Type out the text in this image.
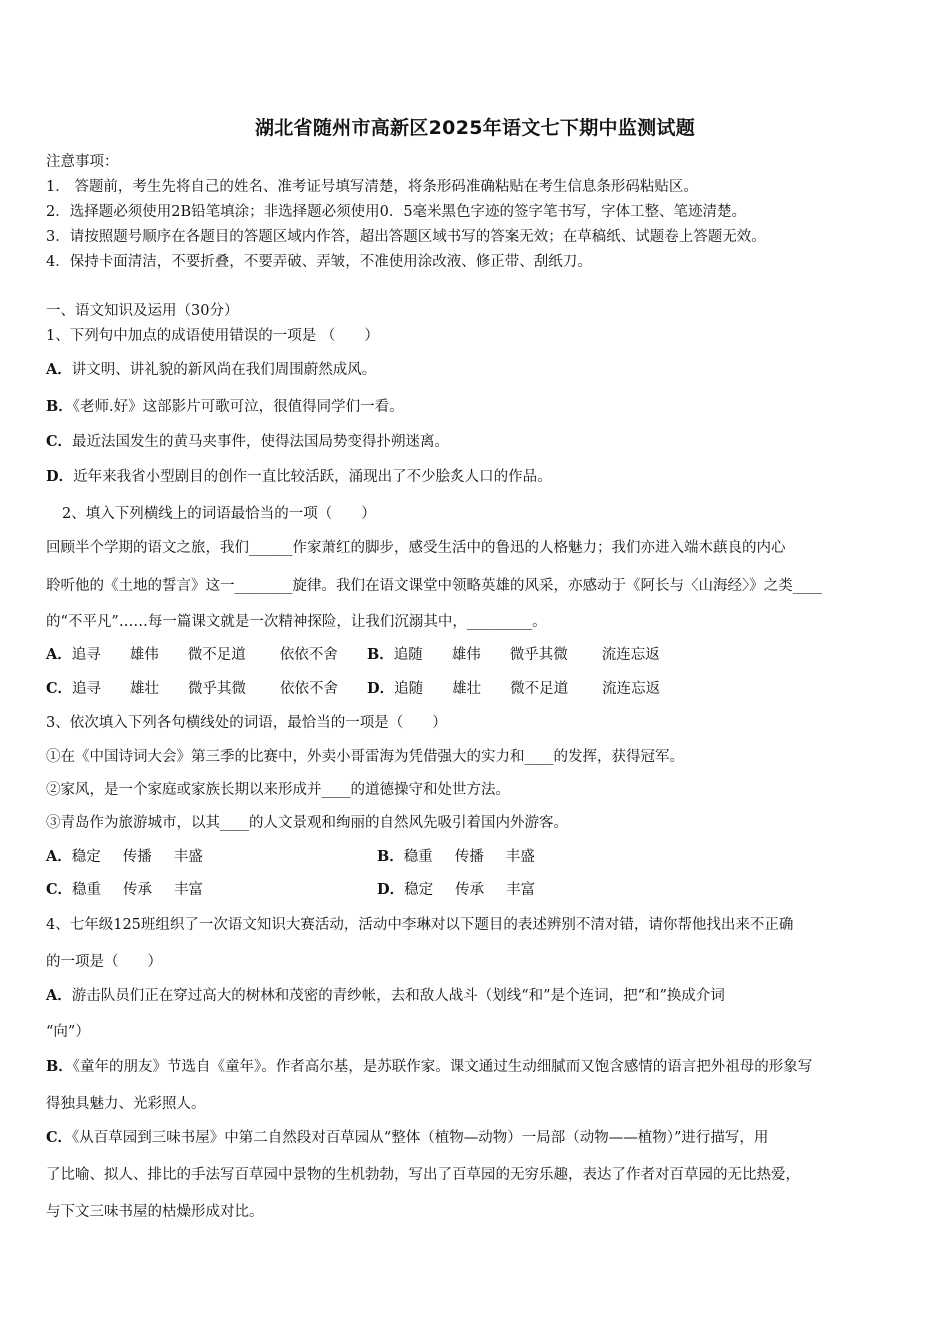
湖北省随州市高新区2025年语文七下期中监测试题
注意事项：
1． 答题前，考生先将自己的姓名、准考证号填写清楚，将条形码准确粘贴在考生信息条形码粘贴区。
2．选择题必须使用2B铅笔填涂；非选择题必须使用0．5毫米黑色字迹的签字笔书写，字体工整、笔迹清楚。
3．请按照题号顺序在各题目的答题区域内作答，超出答题区域书写的答案无效；在草稿纸、试题卷上答题无效。
4．保持卡面清洁，不要折叠，不要弄破、弄皱，不准使用涂改液、修正带、刮纸刀。
一、语文知识及运用（30分）
1、下列句中加点的成语使用错误的一项是 （　　）
A．讲文明、讲礼貌的新风尚在我们周围蔚然成风。
B．《老师.好》这部影片可歌可泣，很值得同学们一看。
C．最近法国发生的黄马夹事件，使得法国局势变得扑朔迷离。
D．近年来我省小型剧目的创作一直比较活跃，涌现出了不少脍炙人口的作品。
2、填入下列横线上的词语最恰当的一项（　　）
回顾半个学期的语文之旅，我们______作家萧红的脚步，感受生活中的鲁迅的人格魅力；我们亦进入端木蕻良的内心
聆听他的《土地的誓言》这一________旋律。我们在语文课堂中领略英雄的风采，亦感动于《阿长与〈山海经〉》之类____
的“不平凡”……每一篇课文就是一次精神探险，让我们沉溺其中，_________。
A．追寻 雄伟 微不足道 依依不舍 B．追随 雄伟 微乎其微 流连忘返
C．追寻 雄壮 微乎其微 依依不舍 D．追随 雄壮 微不足道 流连忘返
3、依次填入下列各句横线处的词语，最恰当的一项是（　　）
①在《中国诗词大会》第三季的比赛中，外卖小哥雷海为凭借强大的实力和____的发挥，获得冠军。
②家风，是一个家庭或家族长期以来形成并____的道德操守和处世方法。
③青岛作为旅游城市，以其____的人文景观和绚丽的自然风先吸引着国内外游客。
A．稳定 传播 丰盛	B．稳重 传播 丰盛
C．稳重 传承 丰富	D．稳定 传承 丰富
4、七年级125班组织了一次语文知识大赛活动，活动中李琳对以下题目的表述辨别不清对错，请你帮他找出来不正确
的一项是（　　）
A．游击队员们正在穿过高大的树林和茂密的青纱帐，去和敌人战斗（划线“和”是个连词，把“和”换成介词
“向”）
B．《童年的朋友》节选自《童年》。作者高尔基，是苏联作家。课文通过生动细腻而又饱含感情的语言把外祖母的形象写
得独具魅力、光彩照人。
C．《从百草园到三味书屋》中第二自然段对百草园从“整体（植物—动物）一局部（动物——植物）”进行描写，用
了比喻、拟人、排比的手法写百草园中景物的生机勃勃，写出了百草园的无穷乐趣，表达了作者对百草园的无比热爱，
与下文三味书屋的枯燥形成对比。
